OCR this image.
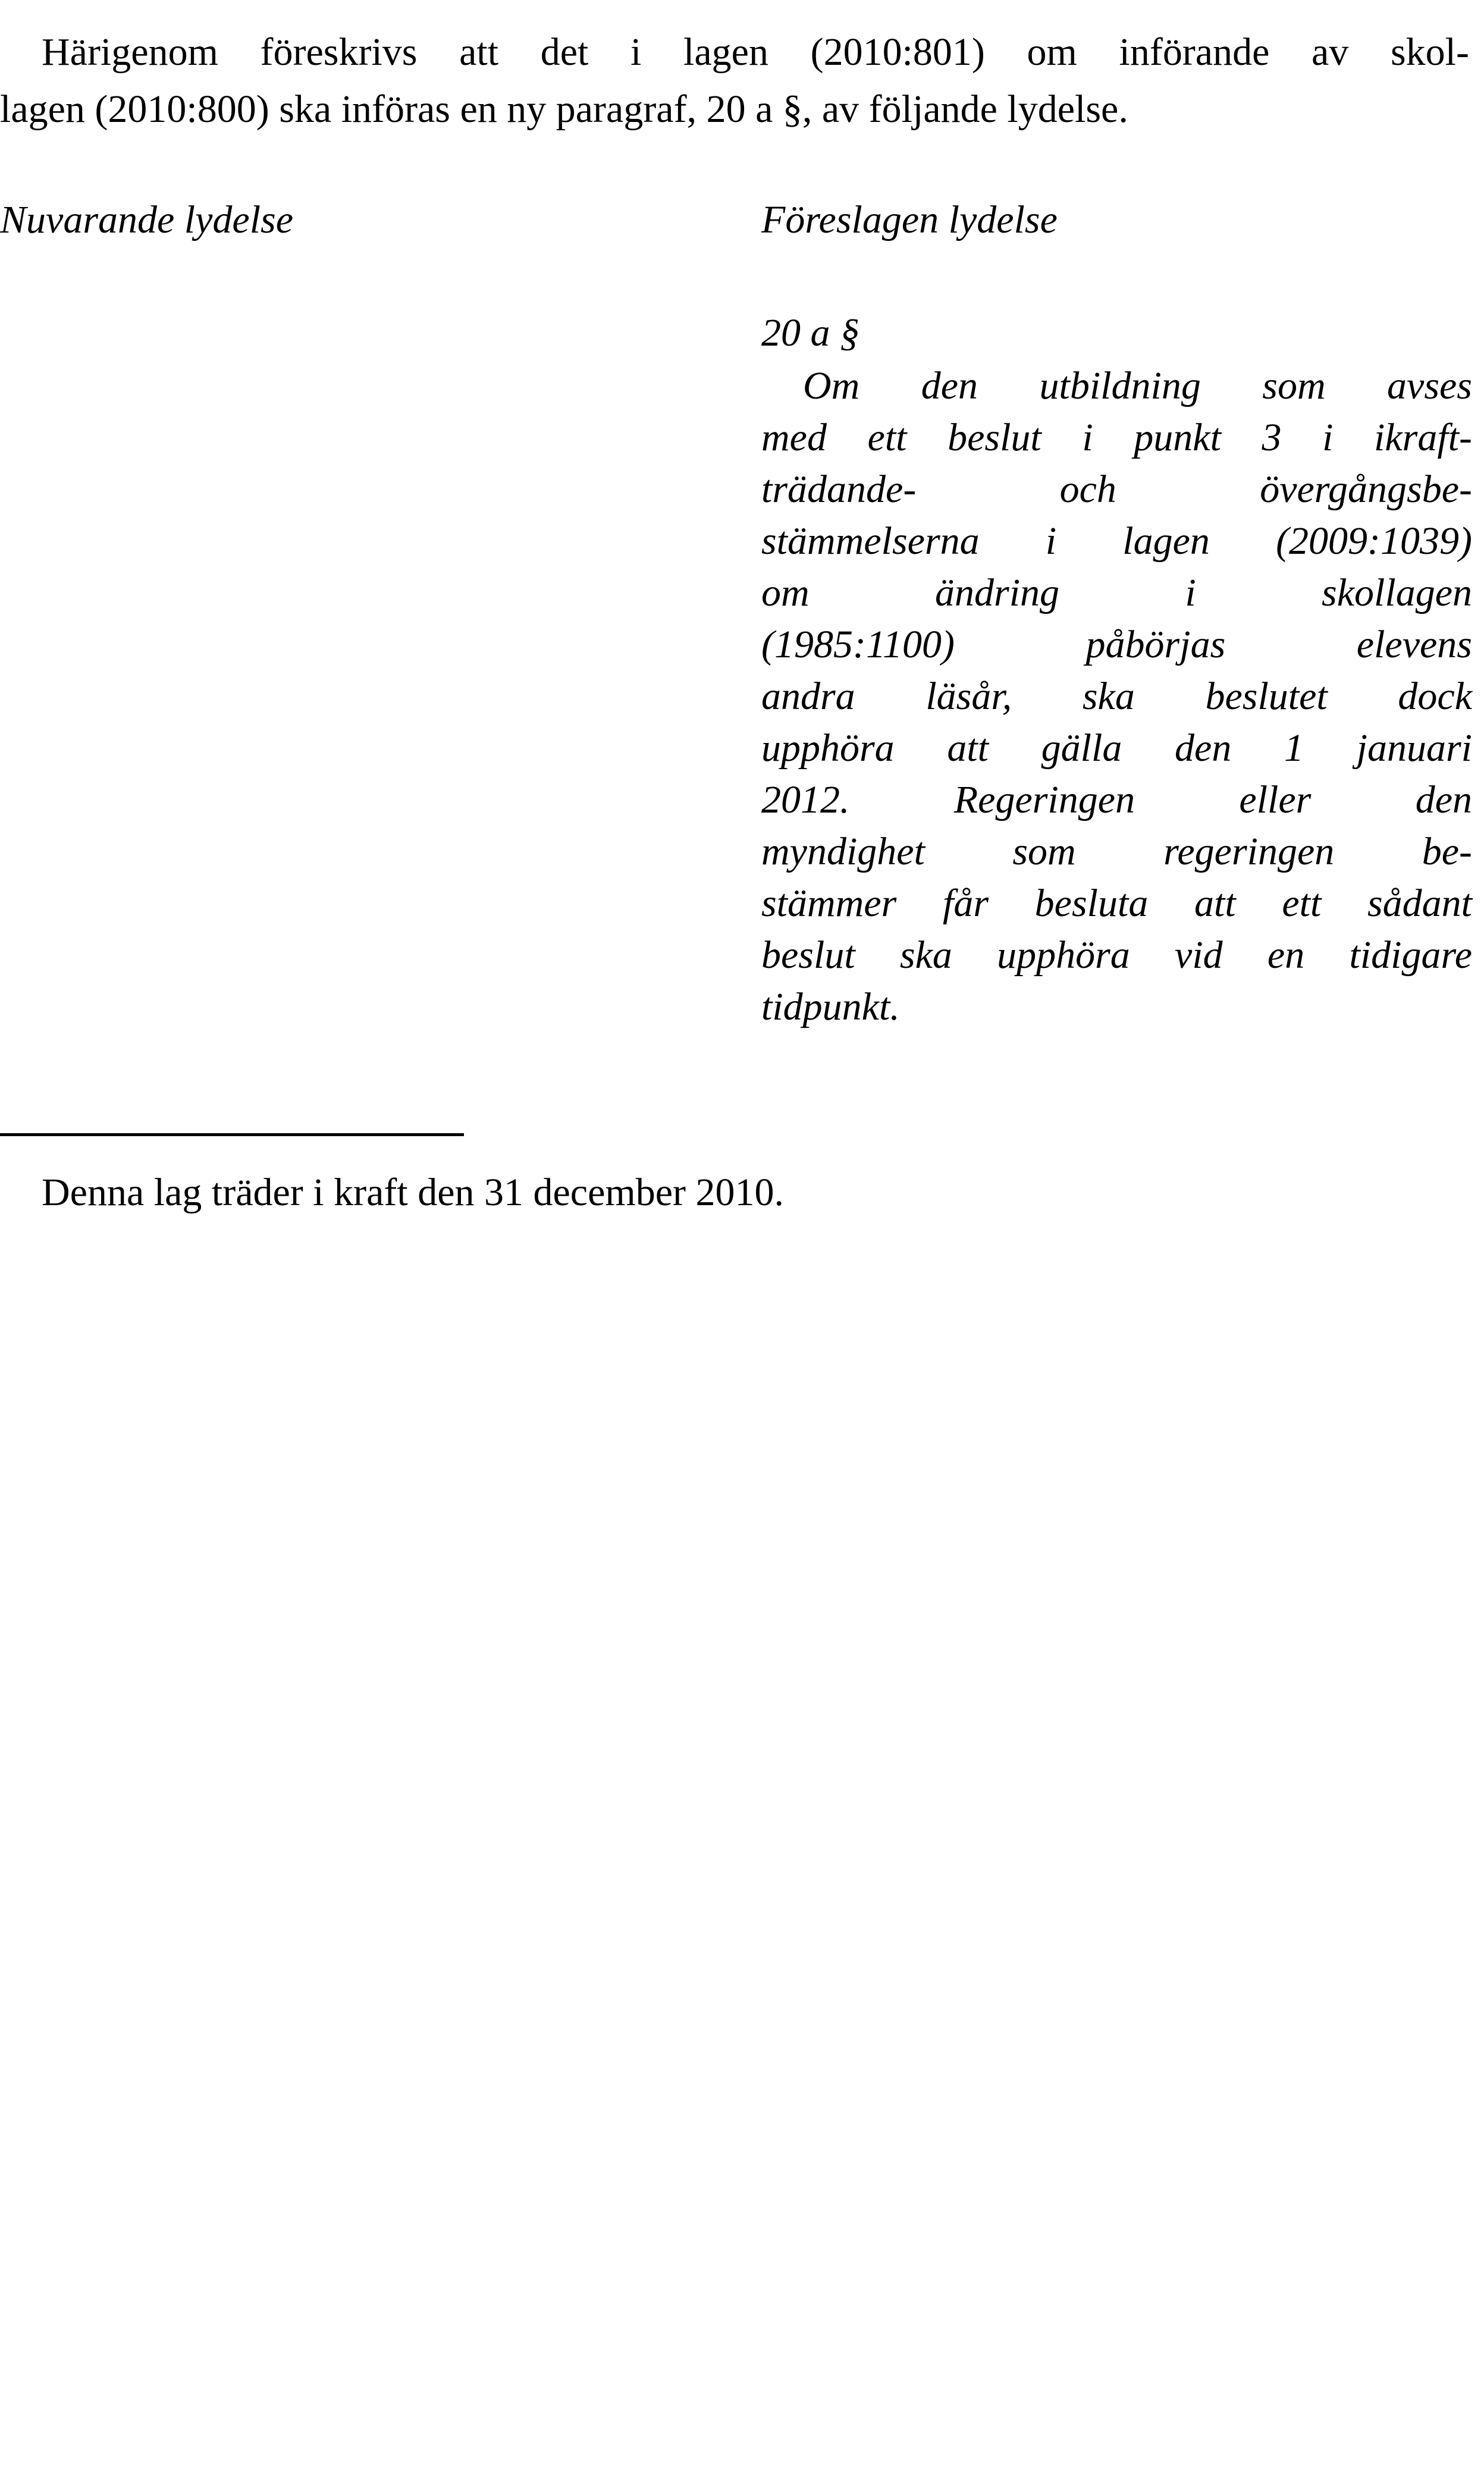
Härigenom föreskrivs att det i lagen (2010:801) om införande av skol-
lagen (2010:800) ska införas en ny paragraf, 20 a §, av följande lydelse.
Nuvarande lydelse	Föreslagen lydelse
20 a §
Om den utbildning som avses
med ett beslut i punkt 3 i ikraft-
trädande- och övergångsbe-
stämmelserna i lagen (2009:1039)
om ändring i skollagen
(1985:1100) påbörjas elevens
andra läsår, ska beslutet dock
upphöra att gälla den 1 januari
2012. Regeringen eller den
myndighet som regeringen be-
stämmer får besluta att ett sådant
beslut ska upphöra vid en tidigare
tidpunkt.
Denna lag träder i kraft den 31 december 2010.
